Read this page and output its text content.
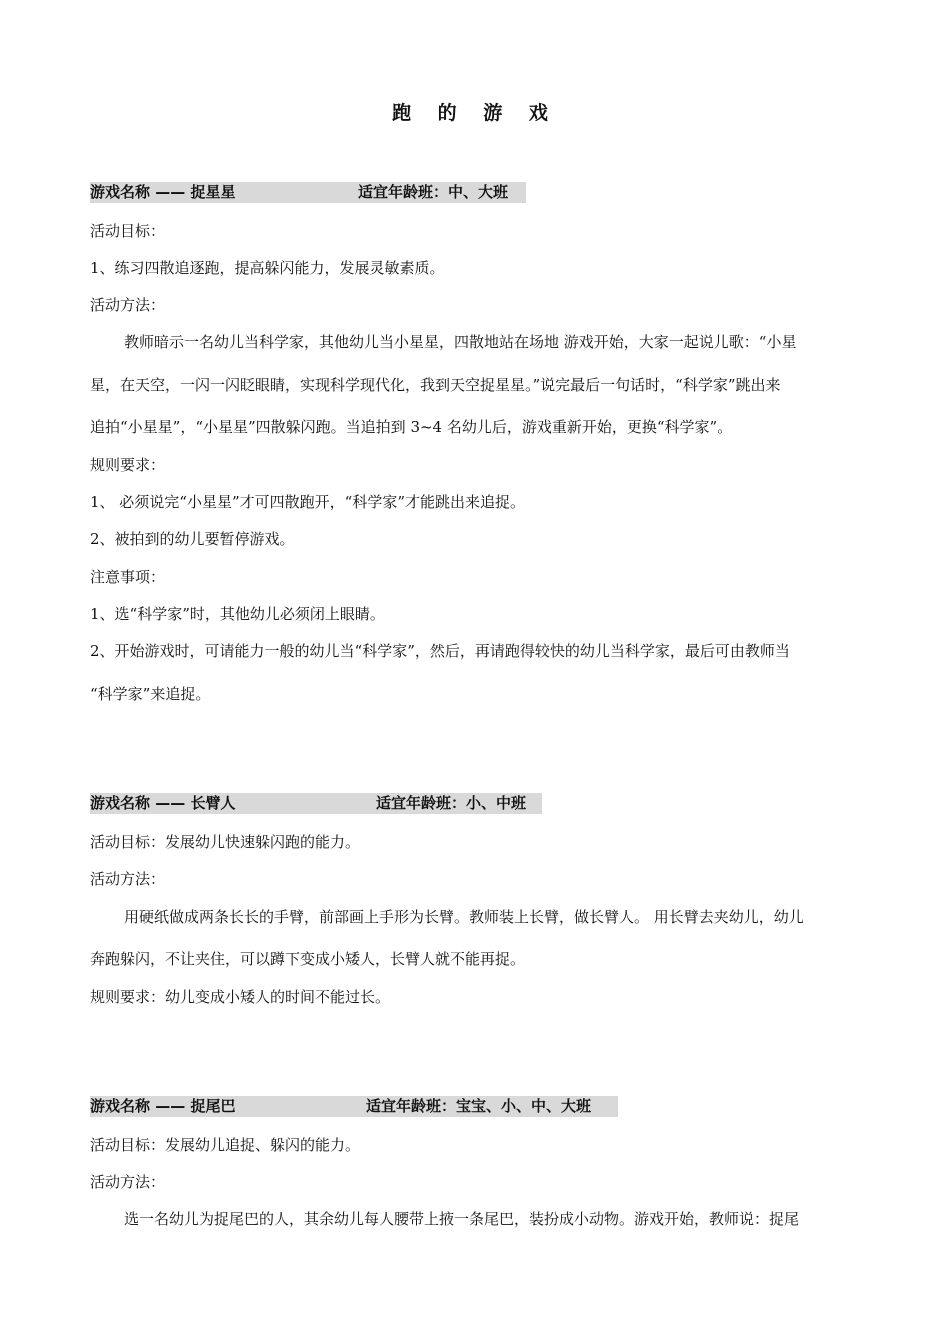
跑 的 游 戏
游戏名称 —— 捉星星	适宜年龄班：中、大班
活动目标：
1、练习四散追逐跑，提高躲闪能力，发展灵敏素质。
活动方法：
教师暗示一名幼儿当科学家，其他幼儿当小星星，四散地站在场地 游戏开始，大家一起说儿歌：“小星
星，在天空，一闪一闪眨眼睛，实现科学现代化，我到天空捉星星。”说完最后一句话时，“科学家”跳出来
追拍“小星星”，“小星星”四散躲闪跑。当追拍到 3~4 名幼儿后，游戏重新开始，更换“科学家”。
规则要求：
1、 必须说完“小星星”才可四散跑开，“科学家”才能跳出来追捉。
2、被拍到的幼儿要暂停游戏。
注意事项：
1、选“科学家”时，其他幼儿必须闭上眼睛。
2、开始游戏时，可请能力一般的幼儿当“科学家”，然后，再请跑得较快的幼儿当科学家，最后可由教师当
“科学家”来追捉。
游戏名称 —— 长臂人	适宜年龄班：小、中班
活动目标：发展幼儿快速躲闪跑的能力。
活动方法：
用硬纸做成两条长长的手臂，前部画上手形为长臂。教师装上长臂，做长臂人。 用长臂去夹幼儿，幼儿
奔跑躲闪，不让夹住，可以蹲下变成小矮人，长臂人就不能再捉。
规则要求：幼儿变成小矮人的时间不能过长。
游戏名称 —— 捉尾巴	适宜年龄班：宝宝、小、中、大班
活动目标：发展幼儿追捉、躲闪的能力。
活动方法：
选一名幼儿为捉尾巴的人，其余幼儿每人腰带上掖一条尾巴，装扮成小动物。游戏开始，教师说：捉尾
